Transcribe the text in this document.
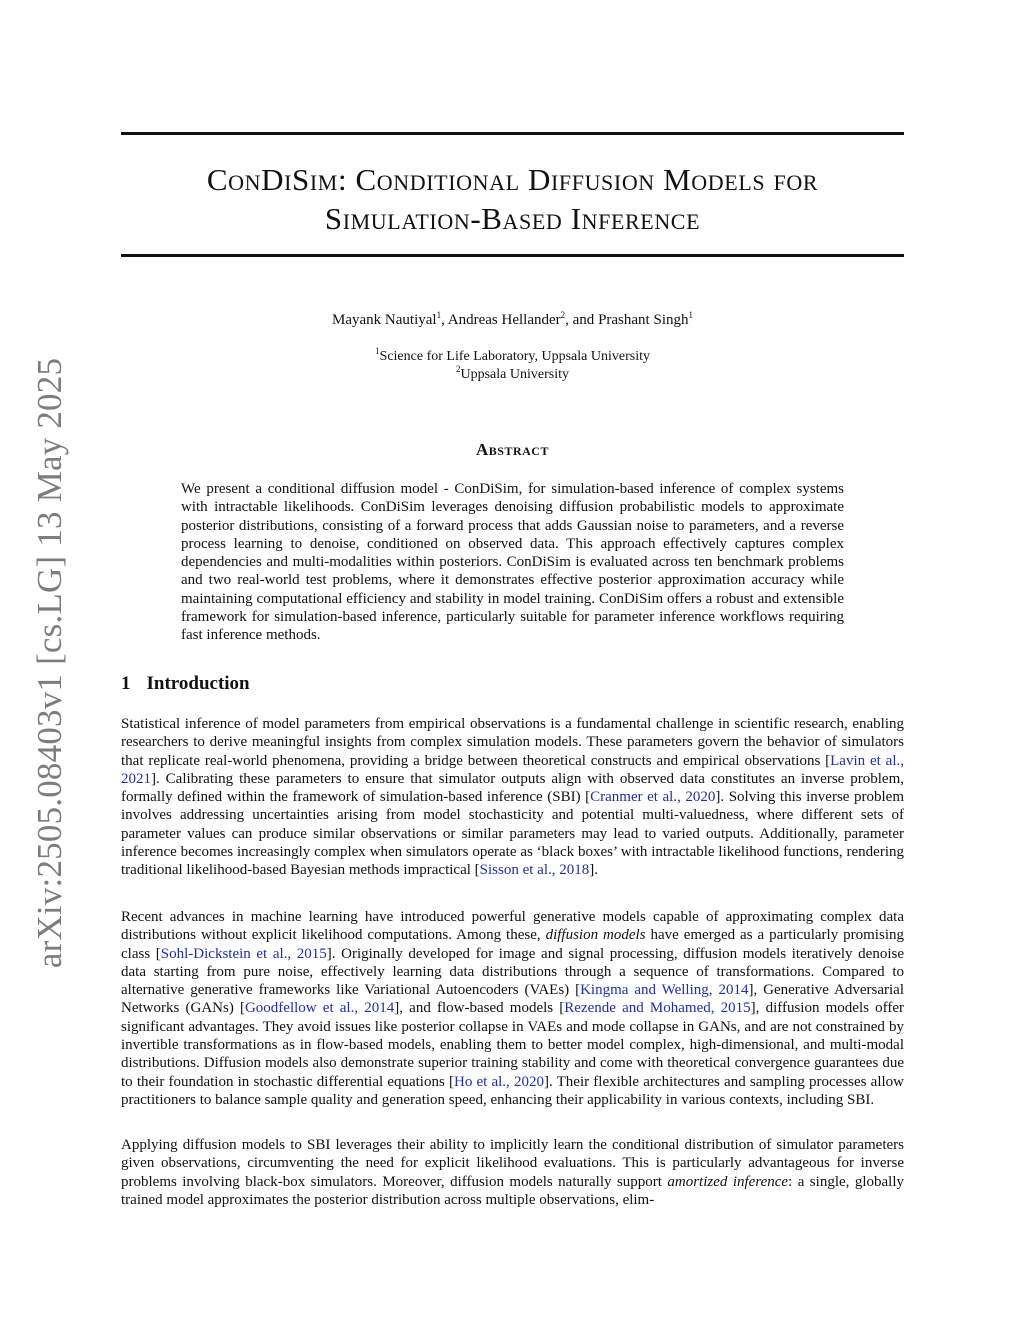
arXiv:2505.08403v1 [cs.LG] 13 May 2025
ConDiSim: Conditional Diffusion Models for
Simulation-Based Inference
Mayank Nautiyal$^1$, Andreas Hellander$^2$, and Prashant Singh$^1$
$^1$Science for Life Laboratory, Uppsala University
$^2$Uppsala University
Abstract

We present a conditional diffusion model - ConDiSim, for simulation-based inference of complex systems with intractable likelihoods. ConDiSim leverages denoising diffusion probabilistic models to approximate posterior distributions, consisting of a forward process that adds Gaussian noise to parameters, and a reverse process learning to denoise, conditioned on observed data. This approach effectively captures complex dependencies and multi-modalities within posteriors. ConDiSim is evaluated across ten benchmark problems and two real-world test problems, where it demonstrates effective posterior approximation accuracy while maintaining computational efficiency and stability in model training. ConDiSim offers a robust and extensible framework for simulation-based inference, particularly suitable for parameter inference workflows requiring fast inference methods.

1 Introduction

Statistical inference of model parameters from empirical observations is a fundamental challenge in scientific research, enabling researchers to derive meaningful insights from complex simulation models. These parameters govern the behavior of simulators that replicate real-world phenomena, providing a bridge between theoretical constructs and empirical observations [Lavin et al., 2021]. Calibrating these parameters to ensure that simulator outputs align with observed data constitutes an inverse problem, formally defined within the framework of simulation-based inference (SBI) [Cranmer et al., 2020]. Solving this inverse problem involves addressing uncertainties arising from model stochasticity and potential multi-valuedness, where different sets of parameter values can produce similar observations or similar parameters may lead to varied outputs. Additionally, parameter inference becomes increasingly complex when simulators operate as ‘black boxes’ with intractable likelihood functions, rendering traditional likelihood-based Bayesian methods impractical [Sisson et al., 2018].

Recent advances in machine learning have introduced powerful generative models capable of approximating complex data distributions without explicit likelihood computations. Among these, diffusion models have emerged as a particularly promising class [Sohl-Dickstein et al., 2015]. Originally developed for image and signal processing, diffusion models iteratively denoise data starting from pure noise, effectively learning data distributions through a sequence of transformations. Compared to alternative generative frameworks like Variational Autoencoders (VAEs) [Kingma and Welling, 2014], Generative Adversarial Networks (GANs) [Goodfellow et al., 2014], and flow-based models [Rezende and Mohamed, 2015], diffusion models offer significant advantages. They avoid issues like posterior collapse in VAEs and mode collapse in GANs, and are not constrained by invertible transformations as in flow-based models, enabling them to better model complex, high-dimensional, and multi-modal distributions. Diffusion models also demonstrate superior training stability and come with theoretical convergence guarantees due to their foundation in stochastic differential equations [Ho et al., 2020]. Their flexible architectures and sampling processes allow practitioners to balance sample quality and generation speed, enhancing their applicability in various contexts, including SBI.

Applying diffusion models to SBI leverages their ability to implicitly learn the conditional distribution of simulator parameters given observations, circumventing the need for explicit likelihood evaluations. This is particularly advantageous for inverse problems involving black-box simulators. Moreover, diffusion models naturally support amortized inference: a single, globally trained model approximates the posterior distribution across multiple observations, elim-
